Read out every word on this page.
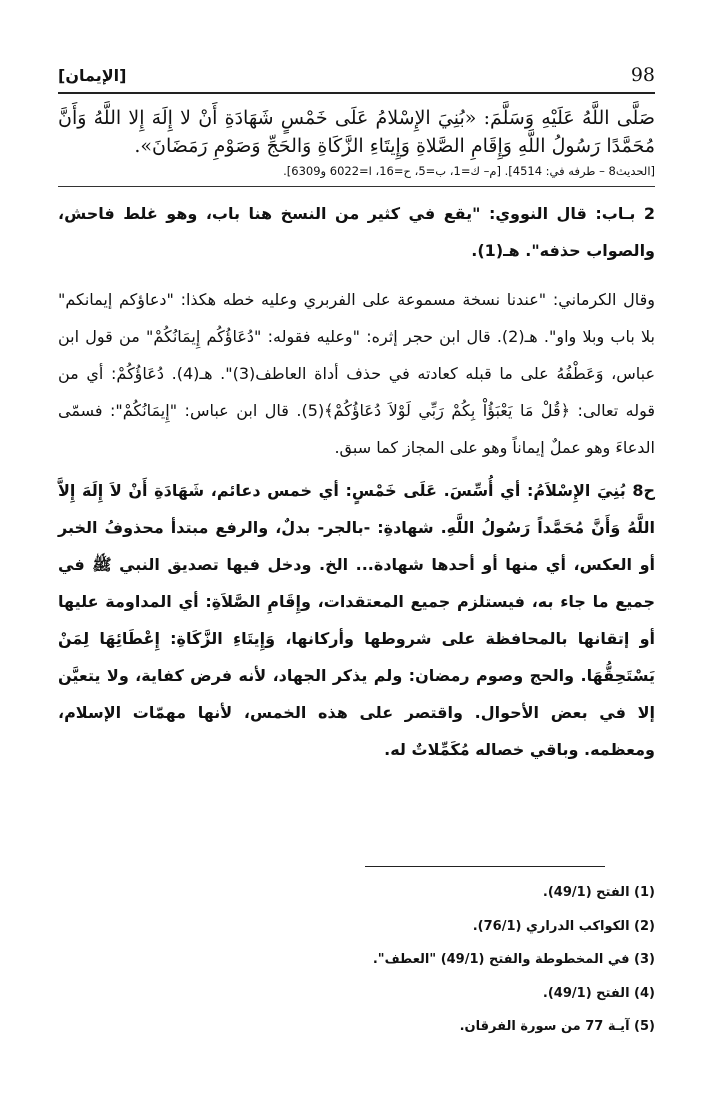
98
[الإيمان]

صَلَّى اللَّهُ عَلَيْهِ وَسَلَّمَ: «بُنِيَ الإِسْلامُ عَلَى خَمْسٍ شَهَادَةِ أَنْ لا إِلَهَ إِلا اللَّهُ وَأَنَّ مُحَمَّدًا رَسُولُ اللَّهِ وَإِقَامِ الصَّلاةِ وَإِيتَاءِ الزَّكَاةِ وَالحَجِّ وَصَوْمِ رَمَضَانَ».

[الحديث8 – طرفه في: 4514]. [م– ك=1، ب=5، ح=16، ا=6022 و6309].

2 بـاب: قال النووي: "يقع في كثير من النسخ هنا باب، وهو غلط فاحش، والصواب حذفه". هـ(1).

وقال الكرماني: "عندنا نسخة مسموعة على الفربري وعليه خطه هكذا: "دعاؤكم إيمانكم" بلا باب وبلا واو". هـ(2). قال ابن حجر إثره: "وعليه فقوله: "دُعَاؤُكُم إِيمَانُكُمْ" من قول ابن عباس، وَعَطْفُهُ على ما قبله كعادته في حذف أداة العاطف(3)". هـ(4). دُعَاؤُكُمْ: أي من قوله تعالى: ﴿قُلْ مَا يَعْبَؤُاْ بِكُمْ رَبِّي لَوْلاَ دُعَاؤُكُمْ﴾(5). قال ابن عباس: "إِيمَانُكُمْ": فسمّى الدعاءَ وهو عملٌ إيماناً وهو على المجاز كما سبق.

ح8 بُنِيَ الإِسْلاَمُ: أي أُسِّسَ. عَلَى خَمْسٍ: أي خمس دعائم، شَهَادَةِ أَنْ لاَ إِلَهَ إِلاَّ اللَّهُ وَأَنَّ مُحَمَّداً رَسُولُ اللَّهِ. شهادةِ: -بالجر- بدلٌ، والرفع مبتدأ محذوفُ الخبر أو العكس، أي منها أو أحدها شهادة... الخ. ودخل فيها تصديق النبي ﷺ في جميع ما جاء به، فيستلزم جميع المعتقدات، وإِقَامِ الصَّلاَةِ: أي المداومة عليها أو إتقانها بالمحافظة على شروطها وأركانها، وَإِيتَاءِ الزَّكَاةِ: إِعْطَائِهَا لِمَنْ يَسْتَحِقُّهَا. والحج وصوم رمضان: ولم يذكر الجهاد، لأنه فرض كفاية، ولا يتعيَّن إلا في بعض الأحوال. واقتصر على هذه الخمس، لأنها مهمّات الإسلام، ومعظمه. وباقي خصاله مُكَمِّلاتٌ له.

(1) الفتح (49/1).
(2) الكواكب الدراري (76/1).
(3) في المخطوطة والفتح (49/1) "العطف".
(4) الفتح (49/1).
(5) آيـة 77 من سورة الفرقان.
